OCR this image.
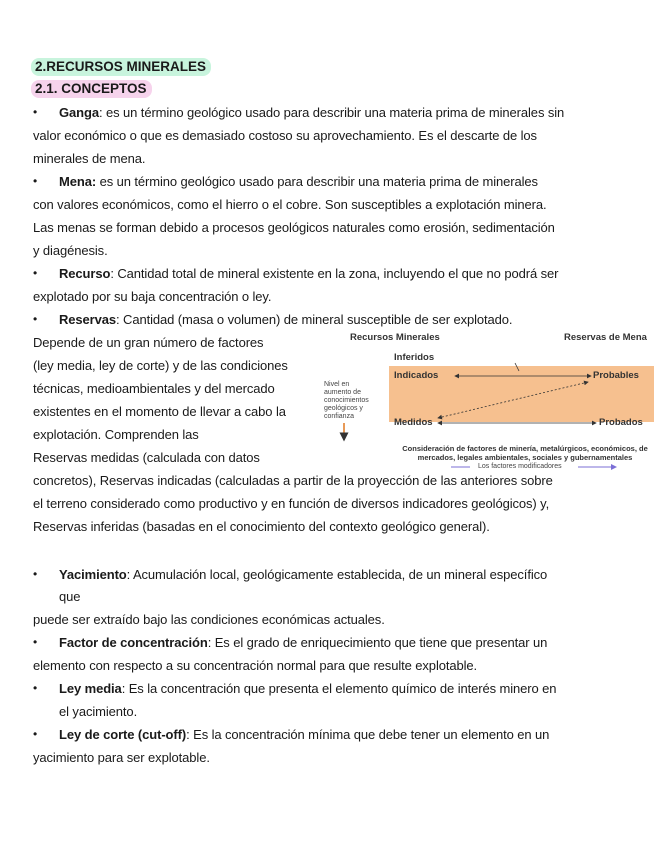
2.RECURSOS MINERALES
2.1. CONCEPTOS
• Ganga: es un término geológico usado para describir una materia prima de minerales sin
valor económico o que es demasiado costoso su aprovechamiento. Es el descarte de los
minerales de mena.
• Mena: es un término geológico usado para describir una materia prima de minerales
con valores económicos, como el hierro o el cobre. Son susceptibles a explotación minera.
Las menas se forman debido a procesos geológicos naturales como erosión, sedimentación
y diagénesis.
• Recurso: Cantidad total de mineral existente en la zona, incluyendo el que no podrá ser
explotado por su baja concentración o ley.
• Reservas: Cantidad (masa o volumen) de mineral susceptible de ser explotado.
Depende de un gran número de factores
(ley media, ley de corte) y de las condiciones
técnicas, medioambientales y del mercado
existentes en el momento de llevar a cabo la
explotación. Comprenden las
Reservas medidas (calculada con datos
concretos), Reservas indicadas (calculadas a partir de la proyección de las anteriores sobre
el terreno considerado como productivo y en función de diversos indicadores geológicos) y,
Reservas inferidas (basadas en el conocimiento del contexto geológico general).
Recursos Minerales	Reservas de Mena
Inferidos
Indicados	Probables
Medidos	Probados
Nivel en aumento de conocimientos geológicos y confianza
Consideración de factores de minería, metalúrgicos, económicos, de mercados, legales ambientales, sociales y gubernamentales
Los factores modificadores
• Yacimiento: Acumulación local, geológicamente establecida, de un mineral específico
que
puede ser extraído bajo las condiciones económicas actuales.
• Factor de concentración: Es el grado de enriquecimiento que tiene que presentar un
elemento con respecto a su concentración normal para que resulte explotable.
• Ley media: Es la concentración que presenta el elemento químico de interés minero en
el yacimiento.
• Ley de corte (cut-off): Es la concentración mínima que debe tener un elemento en un
yacimiento para ser explotable.
